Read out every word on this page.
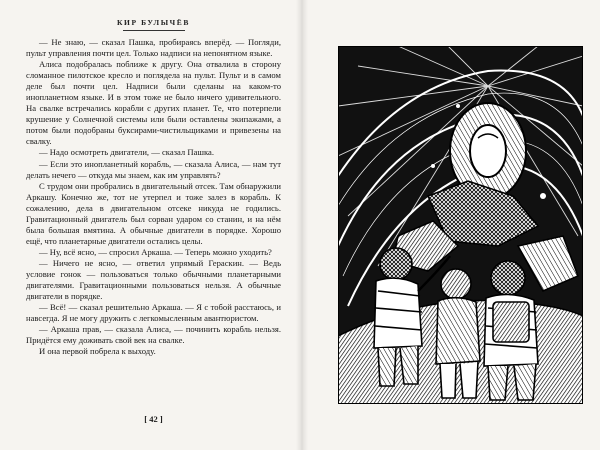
КИР БУЛЫЧЁВ

— Не знаю, — сказал Пашка, пробираясь вперёд. — Погляди, пульт управления почти цел. Только надписи на непонятном языке.

Алиса подобралась поближе к другу. Она отвалила в сторону сломанное пилотское кресло и поглядела на пульт. Пульт и в самом деле был почти цел. Надписи были сделаны на каком-то инопланетном языке. И в этом тоже не было ничего удивительного. На свалке встречались корабли с других планет. Те, что потерпели крушение у Солнечной системы или были оставлены экипажами, а потом были подобраны буксирами-чистильщиками и привезены на свалку.

— Надо осмотреть двигатели, — сказал Пашка.

— Если это инопланетный корабль, — сказала Алиса, — нам тут делать нечего — откуда мы знаем, как им управлять?

С трудом они пробрались в двигательный отсек. Там обнаружили Аркашу. Конечно же, тот не утерпел и тоже залез в корабль. К сожалению, дела в двигательном отсеке никуда не годились. Гравитационный двигатель был сорван ударом со станин, и на нём была большая вмятина. А обычные двигатели в порядке. Хорошо ещё, что планетарные двигатели остались целы.

— Ну, всё ясно, — спросил Аркаша. — Теперь можно уходить?

— Ничего не ясно, — ответил упрямый Гераскин. — Ведь условие гонок — пользоваться только обычными планетарными двигателями. Гравитационными пользоваться нельзя. А обычные двигатели в порядке.

— Всё! — сказал решительно Аркаша. — Я с тобой расстаюсь, и навсегда. Я не могу дружить с легкомысленным авантюристом.

— Аркаша прав, — сказала Алиса, — починить корабль нельзя. Придётся ему доживать свой век на свалке.

И она первой побрела к выходу.

[ 42 ]
